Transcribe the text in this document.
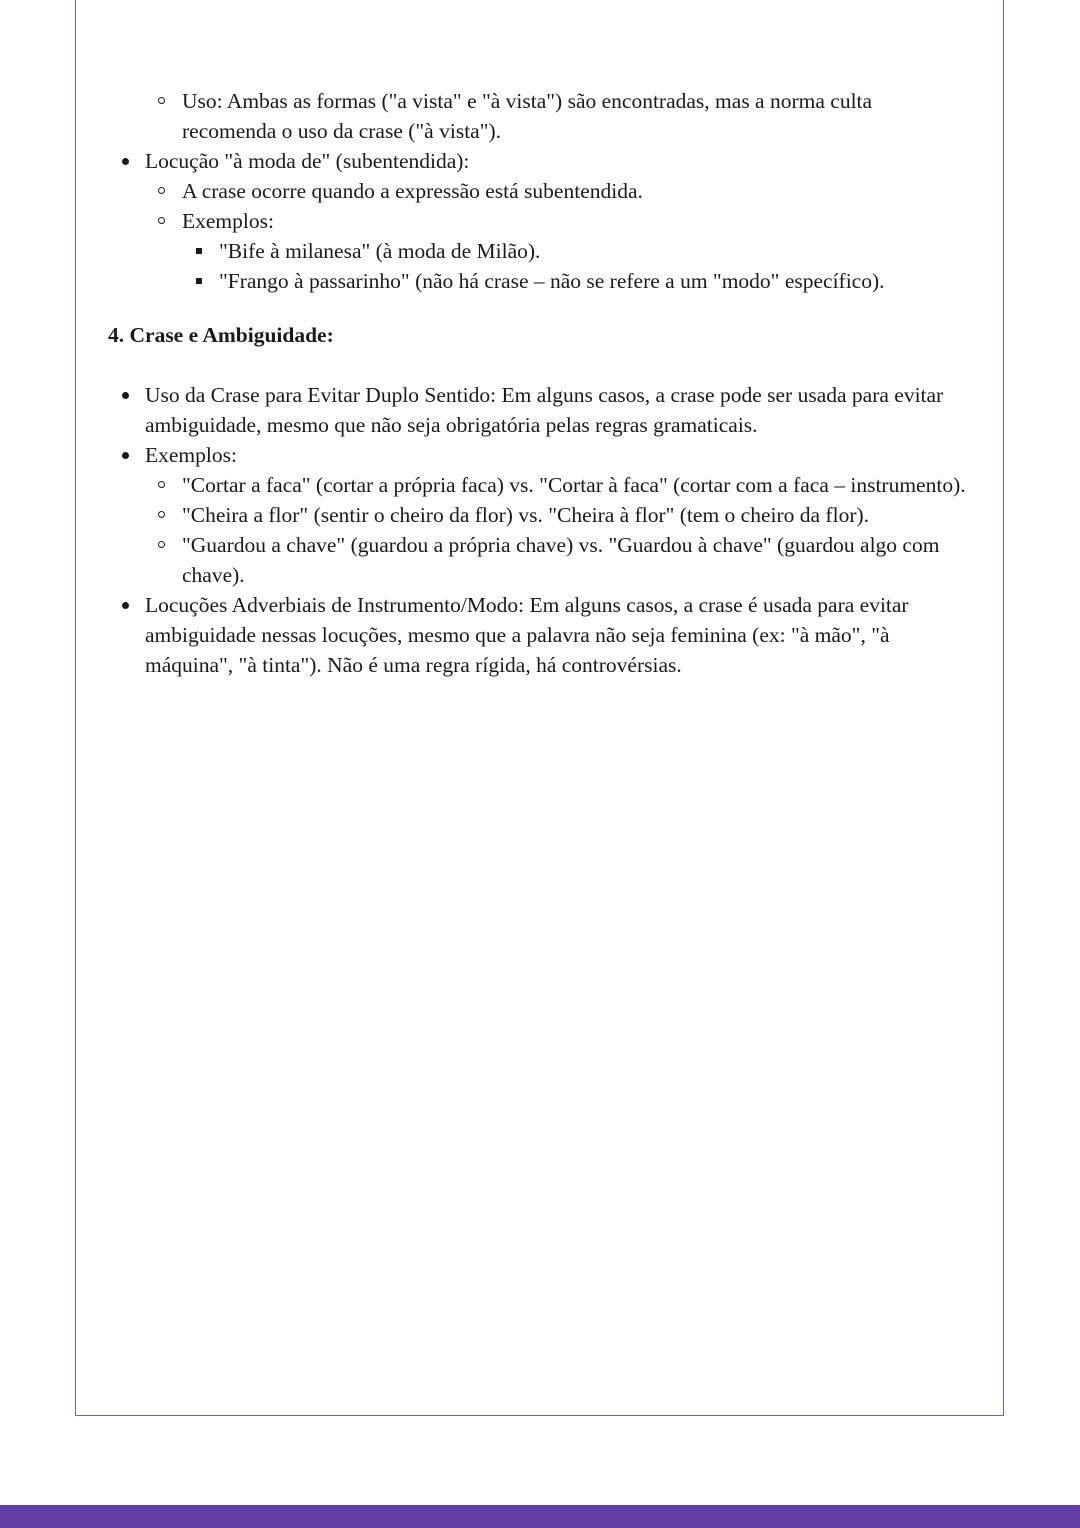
Uso: Ambas as formas ("a vista" e "à vista") são encontradas, mas a norma culta recomenda o uso da crase ("à vista").
Locução "à moda de" (subentendida):
A crase ocorre quando a expressão está subentendida.
Exemplos:
"Bife à milanesa" (à moda de Milão).
"Frango à passarinho" (não há crase – não se refere a um "modo" específico).
4. Crase e Ambiguidade:
Uso da Crase para Evitar Duplo Sentido: Em alguns casos, a crase pode ser usada para evitar ambiguidade, mesmo que não seja obrigatória pelas regras gramaticais.
Exemplos:
"Cortar a faca" (cortar a própria faca) vs. "Cortar à faca" (cortar com a faca – instrumento).
"Cheira a flor" (sentir o cheiro da flor) vs. "Cheira à flor" (tem o cheiro da flor).
"Guardou a chave" (guardou a própria chave) vs. "Guardou à chave" (guardou algo com chave).
Locuções Adverbiais de Instrumento/Modo: Em alguns casos, a crase é usada para evitar ambiguidade nessas locuções, mesmo que a palavra não seja feminina (ex: "à mão", "à máquina", "à tinta"). Não é uma regra rígida, há controvérsias.
